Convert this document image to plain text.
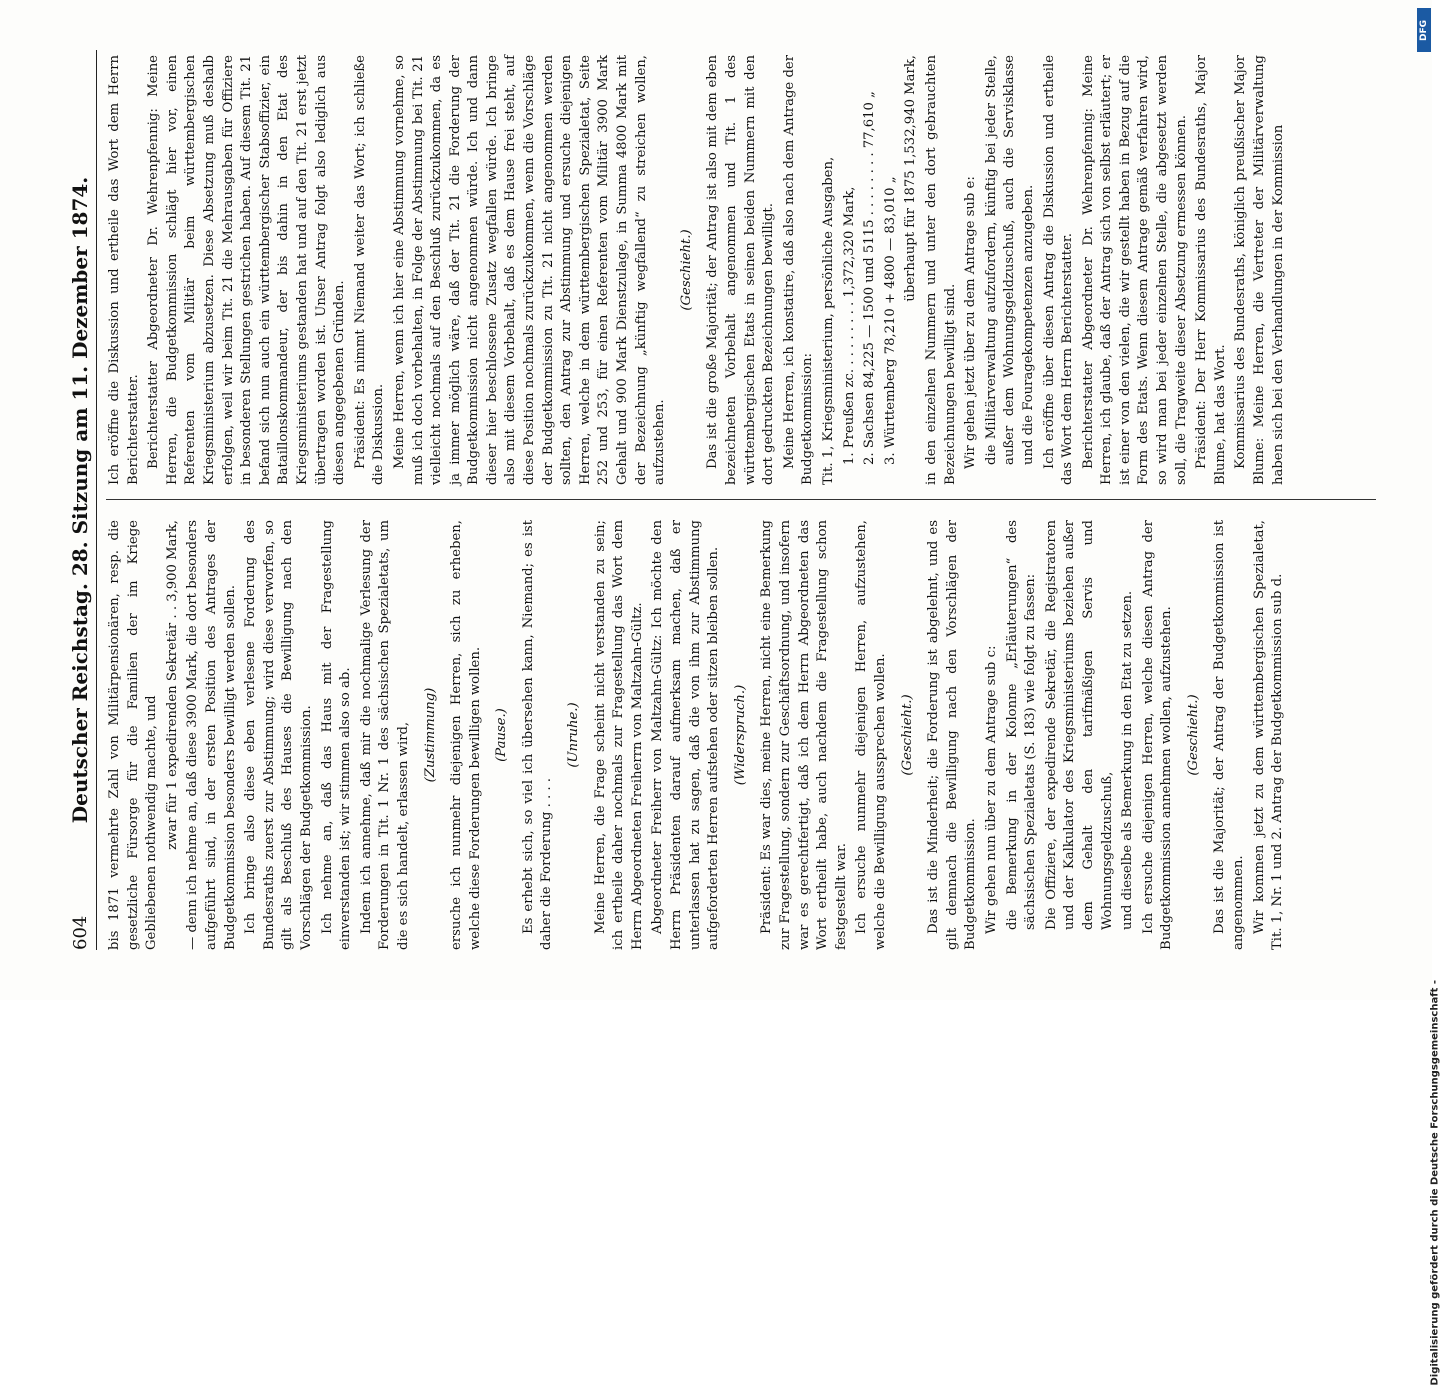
604
Deutscher Reichstag. 28. Sitzung am 11. Dezember 1874. bis 1871 vermehrte Zahl von Militärpensionären, resp. die gesetzliche Fürsorge für die Familien der im Kriege Gebliebenen nothwendig machte, und zwar für 1 expedirenden Sekretär . . 3,900 Mark, — denn ich nehme an, daß diese 3900 Mark, die dort besonders aufgeführt sind, in der ersten Position des Antrages der Budgetkommission besonders bewilligt werden sollen. Ich bringe also diese eben verlesene Forderung des Bundesraths zuerst zur Abstimmung; wird diese verworfen, so gilt als Beschluß des Hauses die Bewilligung nach den Vorschlägen der Budgetkommission. Ich nehme an, daß das Haus mit der Fragestellung einverstanden ist; wir stimmen also so ab. Indem ich annehme, daß mir die nochmalige Verlesung der Forderungen in Tit. 1 Nr. 1 des sächsischen Spezialetats, um die es sich handelt, erlassen wird, (Zustimmung) ersuche ich nunmehr diejenigen Herren, sich zu erheben, welche diese Forderungen bewilligen wollen. (Pause.) Es erhebt sich, so viel ich übersehen kann, Niemand; es ist daher die Forderung . . . .

(Unruhe.) Meine Herren, die Frage scheint nicht verstanden zu sein; ich ertheile daher nochmals zur Fragestellung das Wort dem Herrn Abgeordneten Freiherrn von Maltzahn-Gültz. Abgeordneter Freiherr von Maltzahn-Gültz: Ich möchte den Herrn Präsidenten darauf aufmerksam machen, daß er unterlassen hat zu sagen, daß die von ihm zur Abstimmung aufgeforderten Herren aufstehen oder sitzen bleiben sollen. (Widerspruch.) Präsident: Es war dies, meine Herren, nicht eine Bemerkung zur Fragestellung, sondern zur Geschäftsordnung, und insofern war es gerechtfertigt, daß ich dem Herrn Abgeordneten das Wort ertheilt habe, auch nachdem die Fragestellung schon festgestellt war. Ich ersuche nunmehr diejenigen Herren, aufzustehen, welche die Bewilligung aussprechen wollen. (Geschieht.) Das ist die Minderheit; die Forderung ist abgelehnt, und es gilt demnach die Bewilligung nach den Vorschlägen der Budgetkommission. Wir gehen nun über zu dem Antrage sub c: die Bemerkung in der Kolonne „Erläuterungen“ des sächsischen Spezialetats (S. 183) wie folgt zu fassen: Die Offiziere, der expedirende Sekretär, die Registratoren und der Kalkulator des Kriegsministeriums beziehen außer dem Gehalt den tarifmäßigen Servis und Wohnungsgeldzuschuß, und dieselbe als Bemerkung in den Etat zu setzen. Ich ersuche diejenigen Herren, welche diesen Antrag der Budgetkommission annehmen wollen, aufzustehen. (Geschieht.) Das ist die Majorität; der Antrag der Budgetkommission ist angenommen. Wir kommen jetzt zu dem württembergischen Spezialetat, Tit. 1, Nr. 1 und 2. Antrag der Budgetkommission sub d.

Ich eröffne die Diskussion und ertheile das Wort dem Herrn Berichterstatter. Berichterstatter Abgeordneter Dr. Wehrenpfennig: Meine Herren, die Budgetkommission schlägt hier vor, einen Referenten vom Militär beim württembergischen Kriegsministerium abzusetzen. Diese Absetzung muß deshalb erfolgen, weil wir beim Tit. 21 die Mehrausgaben für Offiziere in besonderen Stellungen gestrichen haben. Auf diesem Tit. 21 befand sich nun auch ein württembergischer Stabsoffizier, ein Bataillonskommandeur, der bis dahin in den Etat des Kriegsministeriums gestanden hat und auf den Tit. 21 erst jetzt übertragen worden ist. Unser Antrag folgt also lediglich aus diesen angegebenen Gründen. Präsident: Es nimmt Niemand weiter das Wort; ich schließe die Diskussion. Meine Herren, wenn ich hier eine Abstimmung vornehme, so muß ich doch vorbehalten, in Folge der Abstimmung bei Tit. 21 vielleicht nochmals auf den Beschluß zurückzukommen, da es ja immer möglich wäre, daß der Tit. 21 die Forderung der Budgetkommission nicht angenommen würde. Ich und dann dieser hier beschlossene Zusatz wegfallen würde. Ich bringe also mit diesem Vorbehalt, daß es dem Hause frei steht, auf diese Position nochmals zurückzukommen, wenn die Vorschläge der Budgetkommission zu Tit. 21 nicht angenommen werden sollten, den Antrag zur Abstimmung und ersuche diejenigen Herren, welche in dem württembergischen Spezialetat, Seite 252 und 253, für einen Referenten vom Militär 3900 Mark Gehalt und 900 Mark Dienstzulage, in Summa 4800 Mark mit der Bezeichnung „künftig wegfallend“ zu streichen wollen, aufzustehen.

(Geschieht.) Das ist die große Majorität; der Antrag ist also mit dem eben bezeichneten Vorbehalt angenommen und Tit. 1 des württembergischen Etats in seinen beiden Nummern mit den dort gedruckten Bezeichnungen bewilligt. Meine Herren, ich konstatire, daß also nach dem Antrage der Budgetkommission: Tit. 1, Kriegsministerium, persönliche Ausgaben, 1. Preußen zc. . . . . . . . . 1,372,320 Mark, 2. Sachsen 84,225 — 1500 und 5115 . . . . . . . . 77,610 „ 3. Württemberg 78,210 + 4800 — 83,010 „ überhaupt für 1875 1,532,940 Mark, in den einzelnen Nummern und unter den dort gebrauchten Bezeichnungen bewilligt sind. Wir gehen jetzt über zu dem Antrage sub e: die Militärverwaltung aufzufordern, künftig bei jeder Stelle, außer dem Wohnungsgeldzuschuß, auch die Servisklasse und die Fouragekompetenzen anzugeben. Ich eröffne über diesen Antrag die Diskussion und ertheile das Wort dem Herrn Berichterstatter. Berichterstatter Abgeordneter Dr. Wehrenpfennig: Meine Herren, ich glaube, daß der Antrag sich von selbst erläutert; er ist einer von den vielen, die wir gestellt haben in Bezug auf die Form des Etats. Wenn diesem Antrage gemäß verfahren wird, so wird man bei jeder einzelnen Stelle, die abgesetzt werden soll, die Tragweite dieser Absetzung ermessen können. Präsident: Der Herr Kommissarius des Bundesraths, Major Blume, hat das Wort. Kommissarius des Bundesraths, königlich preußischer Major Blume: Meine Herren, die Vertreter der Militärverwaltung haben sich bei den Verhandlungen in der Kommission

DFG
Digitalisierung gefördert durch die Deutsche Forschungsgemeinschaft -
